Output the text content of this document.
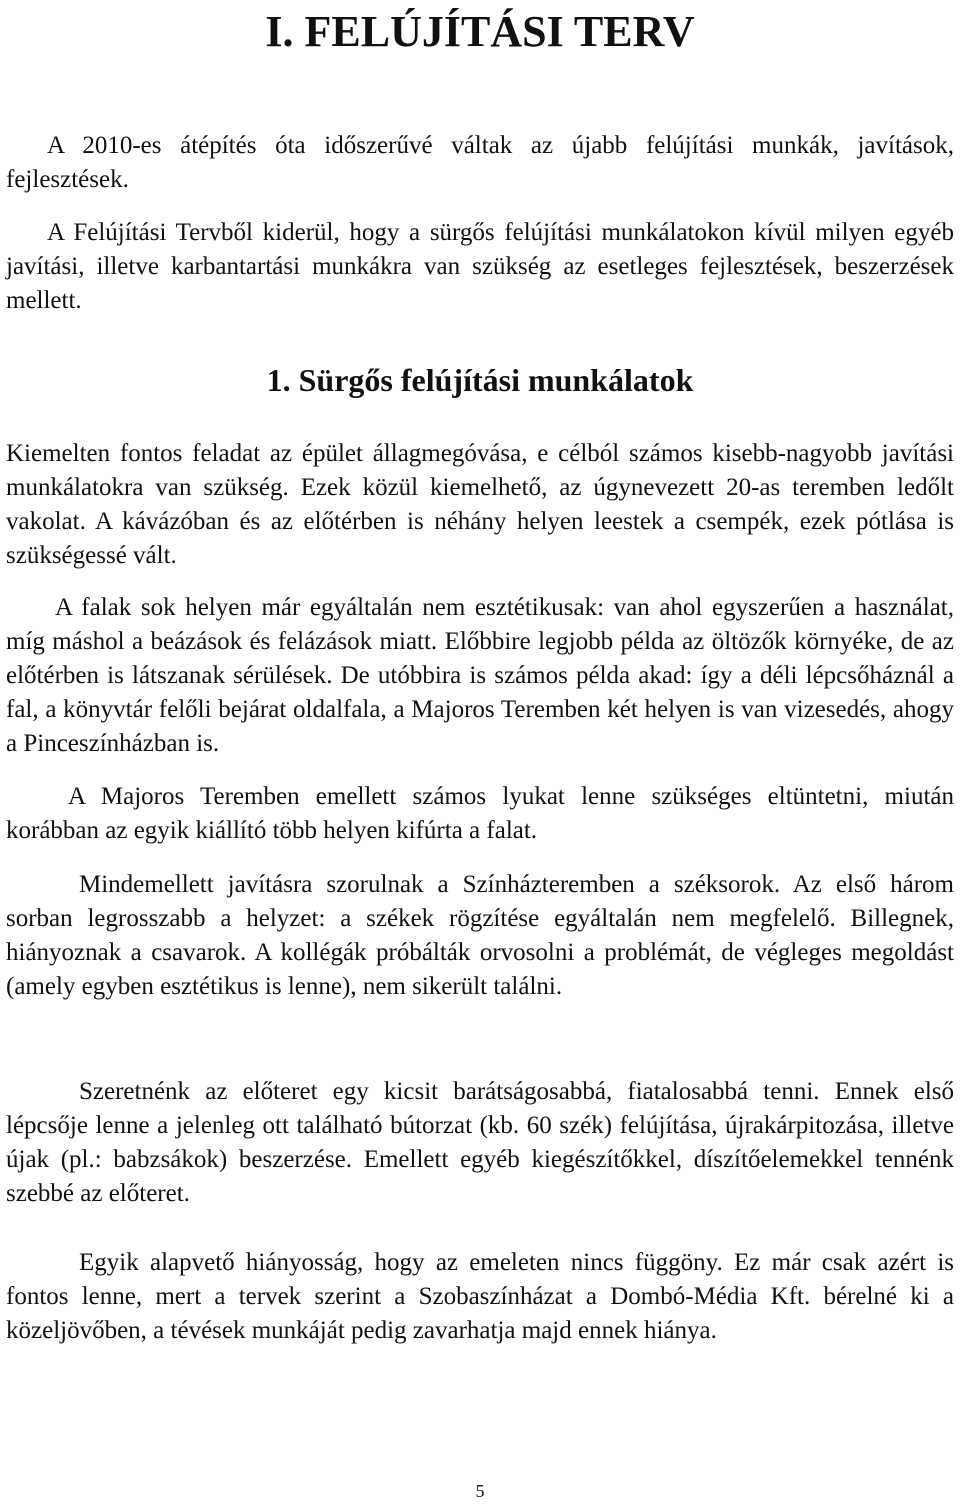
I. FELÚJÍTÁSI TERV

A 2010-es átépítés óta időszerűvé váltak az újabb felújítási munkák, javítások, fejlesztések.

A Felújítási Tervből kiderül, hogy a sürgős felújítási munkálatokon kívül milyen egyéb javítási, illetve karbantartási munkákra van szükség az esetleges fejlesztések, beszerzések mellett.

1. Sürgős felújítási munkálatok

Kiemelten fontos feladat az épület állagmegóvása, e célból számos kisebb-nagyobb javítási munkálatokra van szükség. Ezek közül kiemelhető, az úgynevezett 20-as teremben ledőlt vakolat. A kávázóban és az előtérben is néhány helyen leestek a csempék, ezek pótlása is szükségessé vált.

A falak sok helyen már egyáltalán nem esztétikusak: van ahol egyszerűen a használat, míg máshol a beázások és felázások miatt. Előbbire legjobb példa az öltözők környéke, de az előtérben is látszanak sérülések. De utóbbira is számos példa akad: így a déli lépcsőháznál a fal, a könyvtár felőli bejárat oldalfala, a Majoros Teremben két helyen is van vizesedés, ahogy a Pinceszínházban is.

A Majoros Teremben emellett számos lyukat lenne szükséges eltüntetni, miután korábban az egyik kiállító több helyen kifúrta a falat.

Mindemellett javításra szorulnak a Színházteremben a széksorok. Az első három sorban legrosszabb a helyzet: a székek rögzítése egyáltalán nem megfelelő. Billegnek, hiányoznak a csavarok. A kollégák próbálták orvosolni a problémát, de végleges megoldást (amely egyben esztétikus is lenne), nem sikerült találni.

Szeretnénk az előteret egy kicsit barátságosabbá, fiatalosabbá tenni. Ennek első lépcsője lenne a jelenleg ott található bútorzat (kb. 60 szék) felújítása, újrakárpitozása, illetve újak (pl.: babzsákok) beszerzése. Emellett egyéb kiegészítőkkel, díszítőelemekkel tennénk szebbé az előteret.

Egyik alapvető hiányosság, hogy az emeleten nincs függöny. Ez már csak azért is fontos lenne, mert a tervek szerint a Szobaszínházat a Dombó-Média Kft. bérelné ki a közeljövőben, a tévések munkáját pedig zavarhatja majd ennek hiánya.

5
